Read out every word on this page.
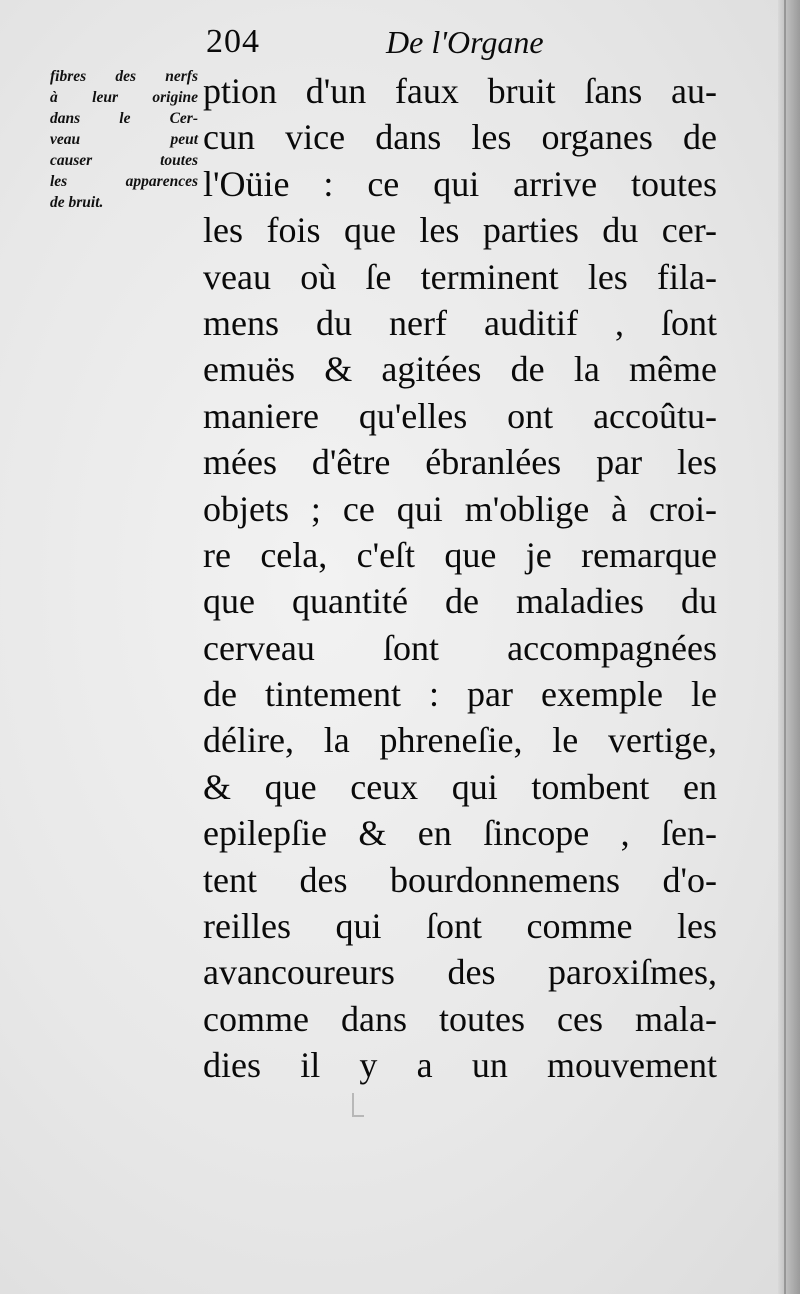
204	De l'Organe
fibres des nerfs
à leur origine
dans le Cer-
veau peut
causer toutes
les apparences
de bruit.
ption d'un faux bruit ſans au-
cun vice dans les organes de
l'Oüie : ce qui arrive toutes
les fois que les parties du cer-
veau où ſe terminent les fila-
mens du nerf auditif , ſont
emuës & agitées de la même
maniere qu'elles ont accoûtu-
mées d'être ébranlées par les
objets ; ce qui m'oblige à croi-
re cela, c'eſt que je remarque
que quantité de maladies du
cerveau ſont accompagnées
de tintement : par exemple le
délire, la phreneſie, le vertige,
& que ceux qui tombent en
epilepſie & en ſincope , ſen-
tent des bourdonnemens d'o-
reilles qui ſont comme les
avancoureurs des paroxiſmes,
comme dans toutes ces mala-
dies il y a un mouvement
